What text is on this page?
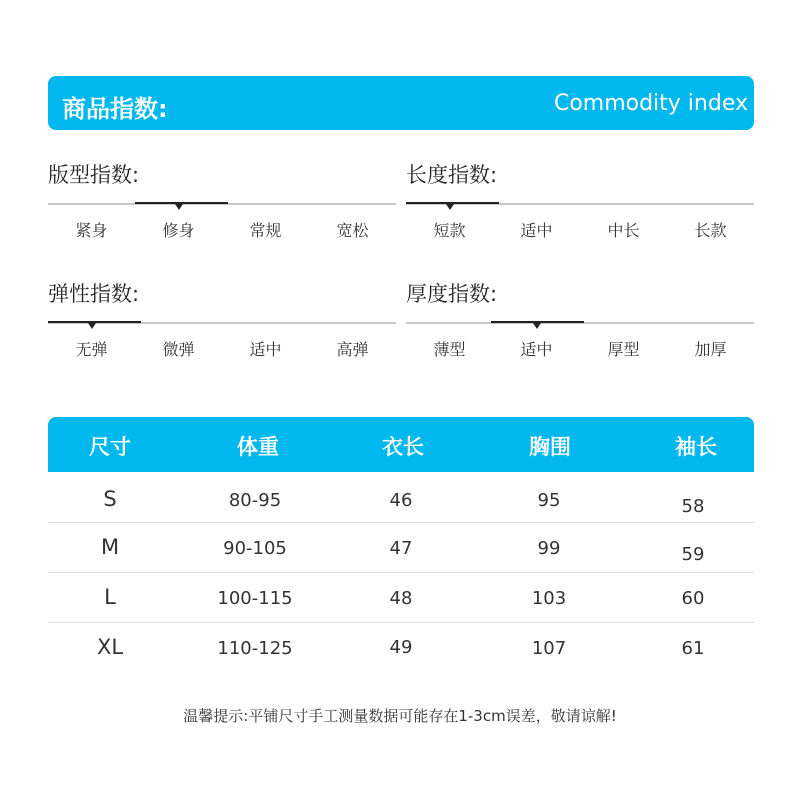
商品指数:	Commodity index
版型指数:
紧身	修身	常规	宽松
长度指数:
短款	适中	中长	长款
弹性指数:
无弹	微弹	适中	高弹
厚度指数:
薄型	适中	厚型	加厚
尺寸	体重	衣长	胸围	袖长
S	80-95	46	95	58
M	90-105	47	99	59
L	100-115	48	103	60
XL	110-125	49	107	61
温馨提示:平铺尺寸手工测量数据可能存在1-3cm误差，敬请谅解!
